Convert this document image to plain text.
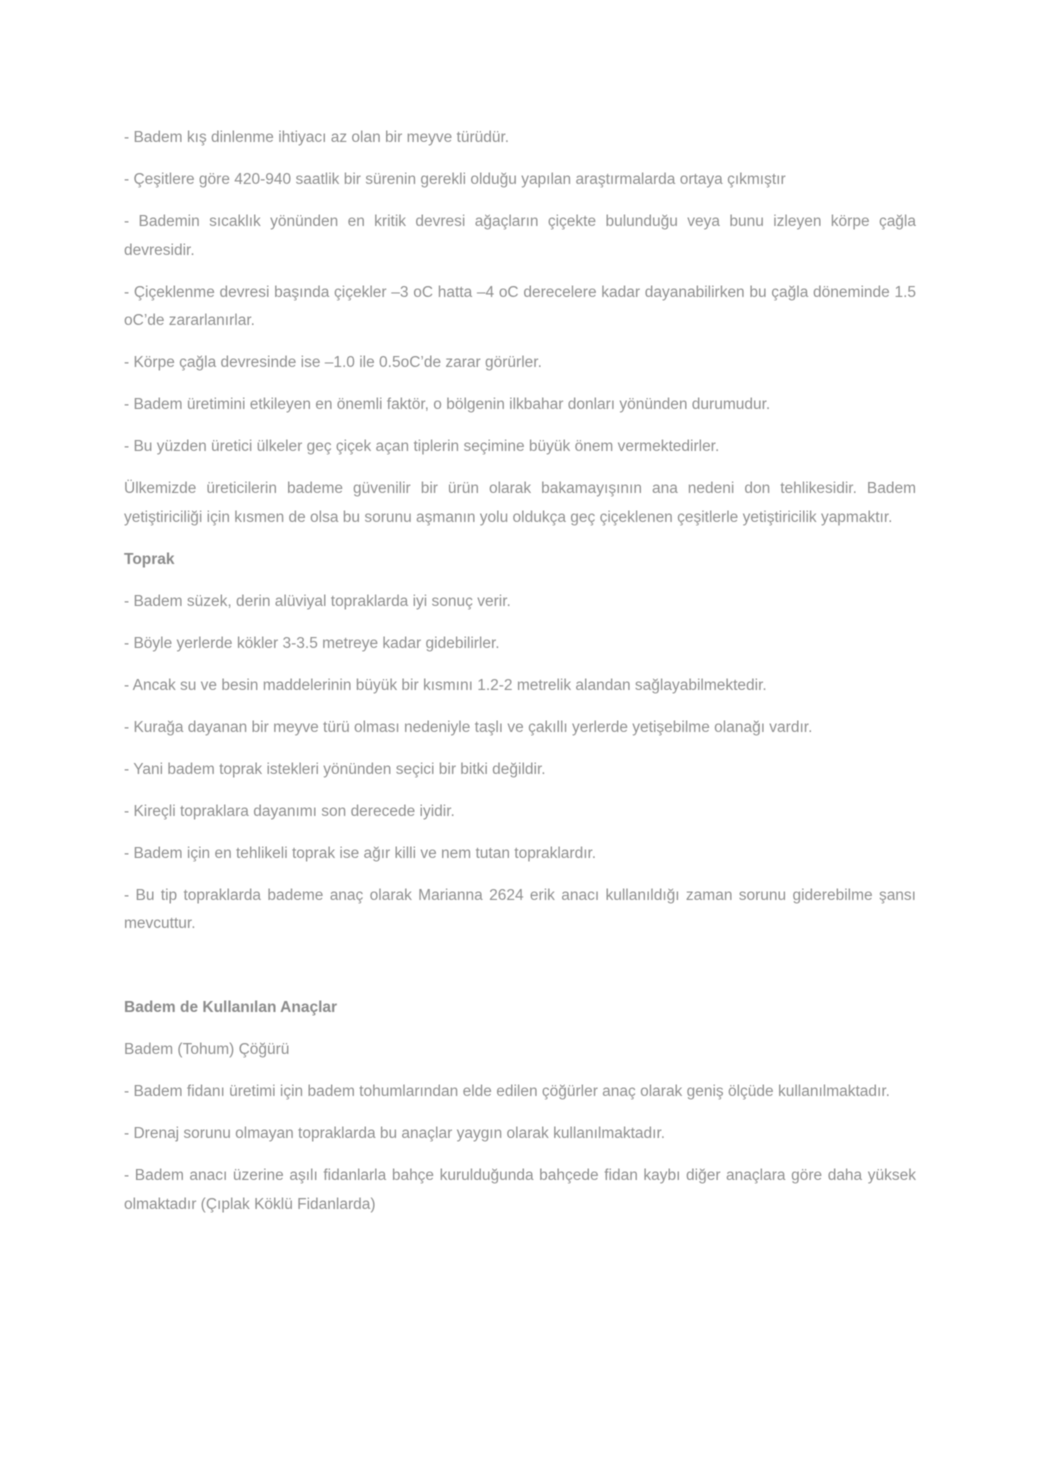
- Badem kış dinlenme ihtiyacı az olan bir meyve türüdür.

- Çeşitlere göre 420-940 saatlik bir sürenin gerekli olduğu yapılan araştırmalarda ortaya çıkmıştır

- Bademin sıcaklık yönünden en kritik devresi ağaçların çiçekte bulunduğu veya bunu izleyen körpe çağla devresidir.

- Çiçeklenme devresi başında çiçekler –3 oC hatta –4 oC derecelere kadar dayanabilirken bu çağla döneminde 1.5 oC’de zararlanırlar.

- Körpe çağla devresinde ise –1.0 ile 0.5oC’de zarar görürler.

- Badem üretimini etkileyen en önemli faktör, o bölgenin ilkbahar donları yönünden durumudur.

- Bu yüzden üretici ülkeler geç çiçek açan tiplerin seçimine büyük önem vermektedirler.

Ülkemizde üreticilerin bademe güvenilir bir ürün olarak bakamayışının ana nedeni don tehlikesidir. Badem yetiştiriciliği için kısmen de olsa bu sorunu aşmanın yolu oldukça geç çiçeklenen çeşitlerle yetiştiricilik yapmaktır.

Toprak

- Badem süzek, derin alüviyal topraklarda iyi sonuç verir.

- Böyle yerlerde kökler 3-3.5 metreye kadar gidebilirler.

- Ancak su ve besin maddelerinin büyük bir kısmını 1.2-2 metrelik alandan sağlayabilmektedir.

- Kurağa dayanan bir meyve türü olması nedeniyle taşlı ve çakıllı yerlerde yetişebilme olanağı vardır.

- Yani badem toprak istekleri yönünden seçici bir bitki değildir.

- Kireçli topraklara dayanımı son derecede iyidir.

- Badem için en tehlikeli toprak ise ağır killi ve nem tutan topraklardır.

- Bu tip topraklarda bademe anaç olarak Marianna 2624 erik anacı kullanıldığı zaman sorunu giderebilme şansı mevcuttur.

Badem de Kullanılan Anaçlar

Badem (Tohum) Çöğürü

- Badem fidanı üretimi için badem tohumlarından elde edilen çöğürler anaç olarak geniş ölçüde kullanılmaktadır.

- Drenaj sorunu olmayan topraklarda bu anaçlar yaygın olarak kullanılmaktadır.

- Badem anacı üzerine aşılı fidanlarla bahçe kurulduğunda bahçede fidan kaybı diğer anaçlara göre daha yüksek olmaktadır (Çıplak Köklü Fidanlarda)
